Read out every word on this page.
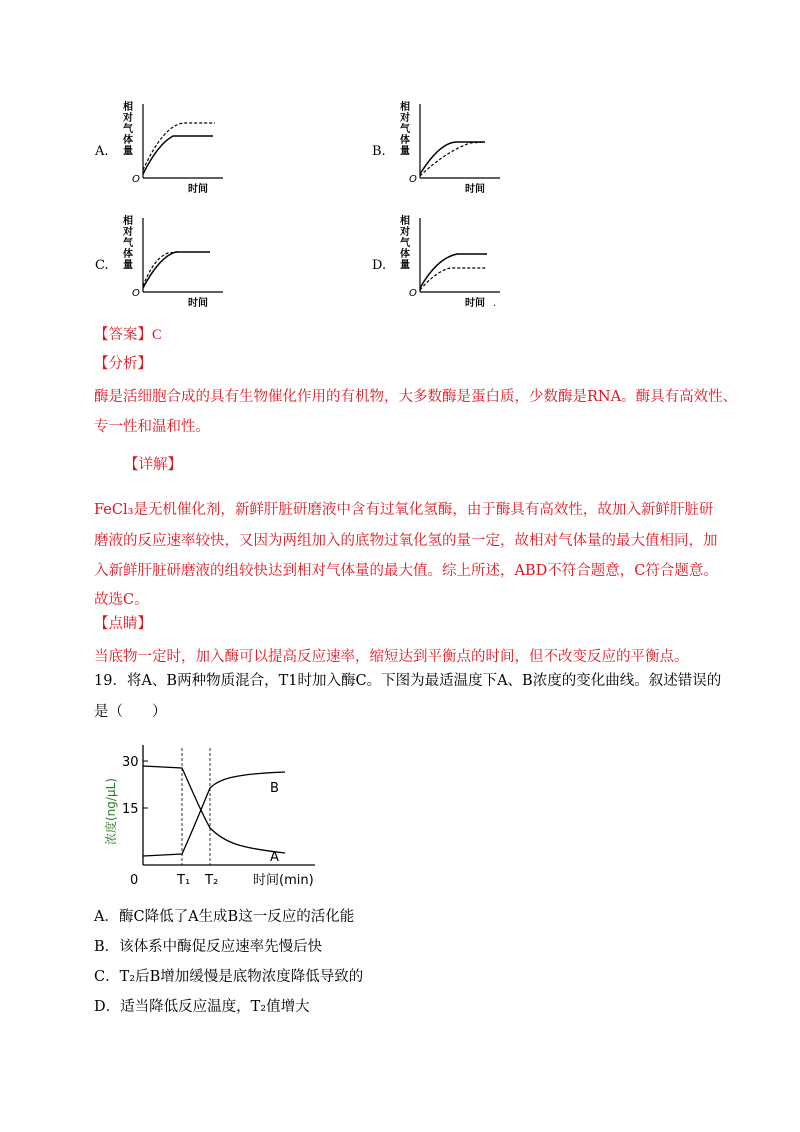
A.
相
对
气
体
量
O
时间
B.
相
对
气
体
量
O
时间
C.
相
对
气
体
量
O
时间
D.
相
对
气
体
量
O
时间 .
【答案】C
【分析】
酶是活细胞合成的具有生物催化作用的有机物，大多数酶是蛋白质，少数酶是RNA。酶具有高效性、
专一性和温和性。
【详解】
FeCl₃是无机催化剂，新鲜肝脏研磨液中含有过氧化氢酶，由于酶具有高效性，故加入新鲜肝脏研
磨液的反应速率较快，又因为两组加入的底物过氧化氢的量一定，故相对气体量的最大值相同，加
入新鲜肝脏研磨液的组较快达到相对气体量的最大值。综上所述，ABD不符合题意，C符合题意。
故选C。
【点睛】
当底物一定时，加入酶可以提高反应速率，缩短达到平衡点的时间，但不改变反应的平衡点。
19．将A、B两种物质混合，T1时加入酶C。下图为最适温度下A、B浓度的变化曲线。叙述错误的
是（　　）
30
15
0
浓度(ng/μL)	B
A
T₁ T₂	时间(min)
A．酶C降低了A生成B这一反应的活化能
B．该体系中酶促反应速率先慢后快
C．T₂后B增加缓慢是底物浓度降低导致的
D．适当降低反应温度，T₂值增大
